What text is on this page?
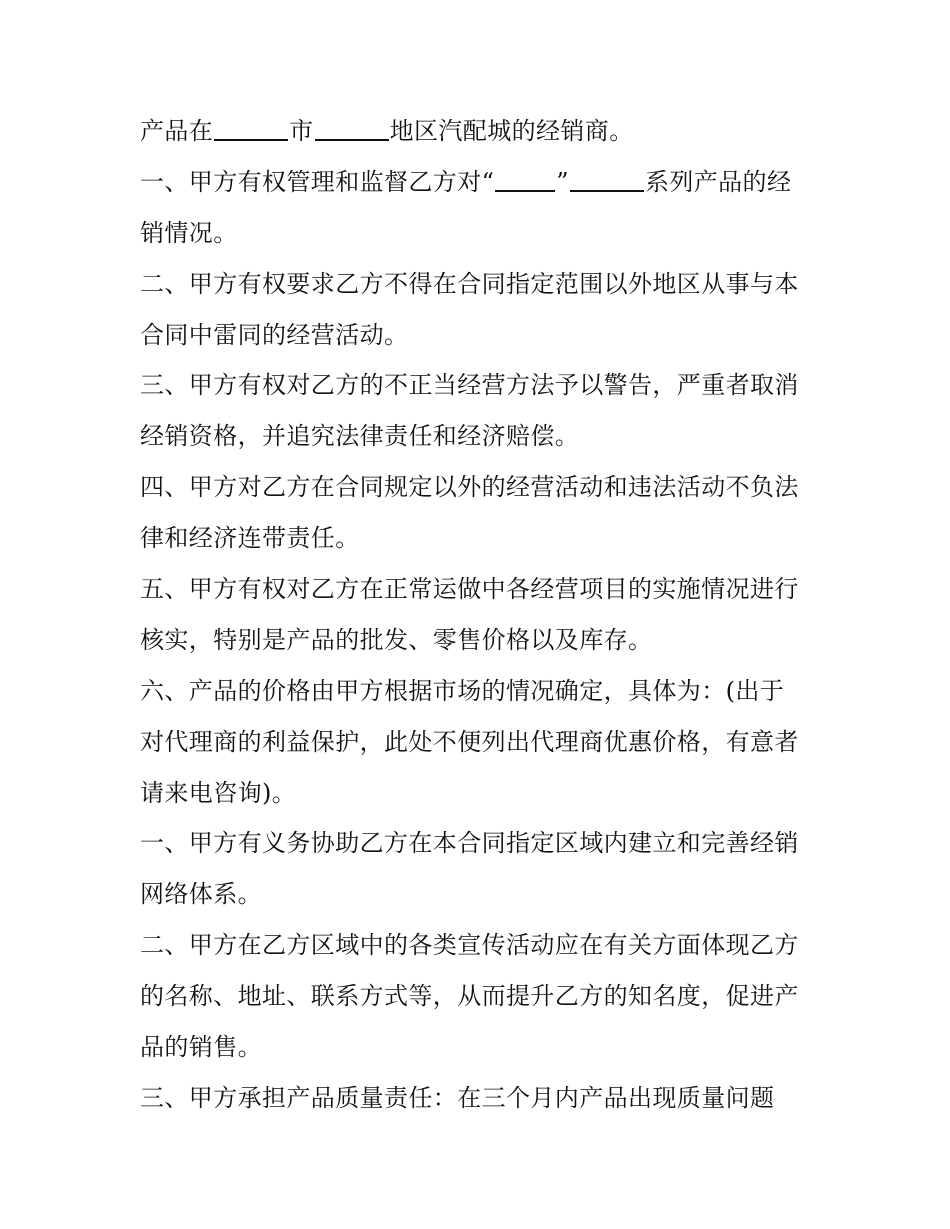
产品在	市	地区汽配城的经销商。
一、甲方有权管理和监督乙方对“	”	系列产品的经
销情况。
二、甲方有权要求乙方不得在合同指定范围以外地区从事与本
合同中雷同的经营活动。
三、甲方有权对乙方的不正当经营方法予以警告，严重者取消
经销资格，并追究法律责任和经济赔偿。
四、甲方对乙方在合同规定以外的经营活动和违法活动不负法
律和经济连带责任。
五、甲方有权对乙方在正常运做中各经营项目的实施情况进行
核实，特别是产品的批发、零售价格以及库存。
六、产品的价格由甲方根据市场的情况确定，具体为：(出于
对代理商的利益保护，此处不便列出代理商优惠价格，有意者
请来电咨询)。
一、甲方有义务协助乙方在本合同指定区域内建立和完善经销
网络体系。
二、甲方在乙方区域中的各类宣传活动应在有关方面体现乙方
的名称、地址、联系方式等，从而提升乙方的知名度，促进产
品的销售。
三、甲方承担产品质量责任：在三个月内产品出现质量问题
